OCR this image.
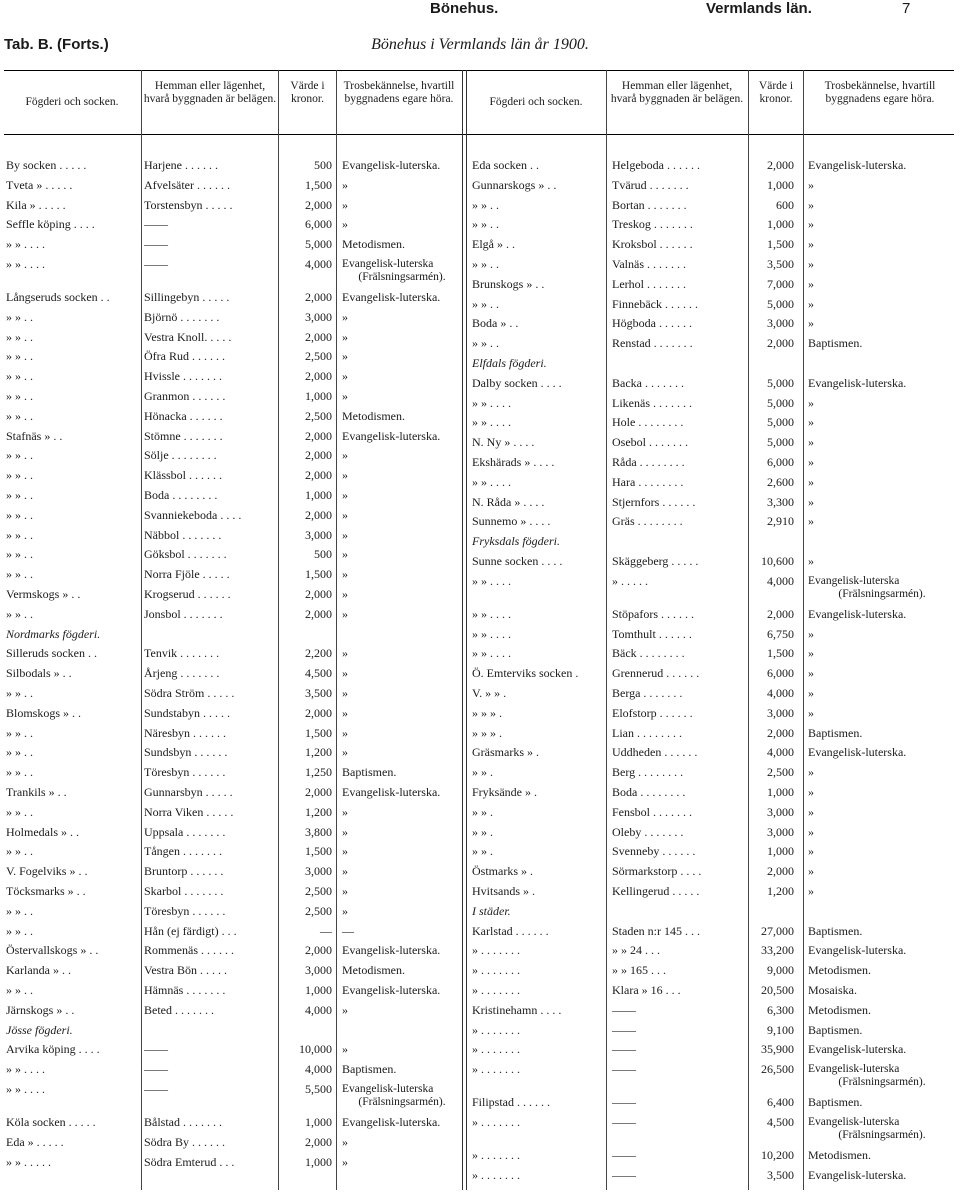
Bönehus.	Vermlands län.	7
Bönehus i Vermlands län år 1900.
Tab. B. (Forts.)
Fögderi och socken.
Hemman eller lägenhet, hvarå byggnaden är belägen.
Värde i kronor.
Trosbekännelse, hvartill byggnadens egare höra.	Fögderi och socken.
Hemman eller lägenhet, hvarå byggnaden är belägen.
Värde i kronor.
Trosbekännelse, hvartill byggnadens egare höra.
By socken . . . . .	Harjene . . . . . .	500 Evangelisk-luterska.
Tveta » . . . . .	Afvelsäter . . . . . .	1,500 »
Kila » . . . . .	Torstensbyn . . . . .	2,000 »
Seffle köping . . . .	——	6,000 »
» » . . . .	——	5,000 Metodismen.
» » . . . .	——	4,000 Evangelisk-luterska
(Frälsningsarmén).
Långseruds socken . .	Sillingebyn . . . . .	2,000 Evangelisk-luterska.
» » . .	Björnö . . . . . . .	3,000 »
» » . .	Vestra Knoll. . . . .	2,000 »
» » . .	Öfra Rud . . . . . .	2,500 »
» » . .	Hvissle . . . . . . .	2,000 »
» » . .	Granmon . . . . . .	1,000 »
» » . .	Hönacka . . . . . .	2,500 Metodismen.
Stafnäs » . .	Stömne . . . . . . .	2,000 Evangelisk-luterska.
» » . .	Sölje . . . . . . . .	2,000 »
» » . .	Klässbol . . . . . .	2,000 »
» » . .	Boda . . . . . . . .	1,000 »
» » . .	Svanniekeboda . . . .	2,000 »
» » . .	Näbbol . . . . . . .	3,000 »
» » . .	Göksbol . . . . . . .	500 »
» » . .	Norra Fjöle . . . . .	1,500 »
Vermskogs » . .	Krogserud . . . . . .	2,000 »
» » . .	Jonsbol . . . . . . .	2,000 »
Nordmarks fögderi.
Silleruds socken . .	Tenvik . . . . . . .	2,200 »
Silbodals » . .	Årjeng . . . . . . .	4,500 »
» » . .	Södra Ström . . . . .	3,500 »
Blomskogs » . .	Sundstabyn . . . . .	2,000 »
» » . .	Näresbyn . . . . . .	1,500 »
» » . .	Sundsbyn . . . . . .	1,200 »
» » . .	Töresbyn . . . . . .	1,250 Baptismen.
Trankils » . .	Gunnarsbyn . . . . .	2,000 Evangelisk-luterska.
» » . .	Norra Viken . . . . .	1,200 »
Holmedals » . .	Uppsala . . . . . . .	3,800 »
» » . .	Tången . . . . . . .	1,500 »
V. Fogelviks » . .	Bruntorp . . . . . .	3,000 »
Töcksmarks » . .	Skarbol . . . . . . .	2,500 »
» » . .	Töresbyn . . . . . .	2,500 »
» » . .	Hån (ej färdigt) . . .	— —
Östervallskogs » . .	Rommenäs . . . . . .	2,000 Evangelisk-luterska.
Karlanda » . .	Vestra Bön . . . . .	3,000 Metodismen.
» » . .	Hämnäs . . . . . . .	1,000 Evangelisk-luterska.
Järnskogs » . .	Beted . . . . . . .	4,000 »
Jösse fögderi.
Arvika köping . . . .	——	10,000 »
» » . . . .	——	4,000 Baptismen.
» » . . . .	——	5,500 Evangelisk-luterska
(Frälsningsarmén).
Köla socken . . . . .	Bålstad . . . . . . .	1,000 Evangelisk-luterska.
Eda » . . . . .	Södra By . . . . . .	2,000 »
» » . . . . .	Södra Emterud . . .	1,000 »
Eda socken . .	Helgeboda . . . . . .	2,000 Evangelisk-luterska.
Gunnarskogs » . .	Tvärud . . . . . . .	1,000 »
» » . .	Bortan . . . . . . .	600 »
» » . .	Treskog . . . . . . .	1,000 »
Elgå » . .	Kroksbol . . . . . .	1,500 »
» » . .	Valnäs . . . . . . .	3,500 »
Brunskogs » . .	Lerhol . . . . . . .	7,000 »
» » . .	Finnebäck . . . . . .	5,000 »
Boda » . .	Högboda . . . . . .	3,000 »
» » . .	Renstad . . . . . . .	2,000 Baptismen.
Elfdals fögderi.
Dalby socken . . . .	Backa . . . . . . .	5,000 Evangelisk-luterska.
» » . . . .	Likenäs . . . . . . .	5,000 »
» » . . . .	Hole . . . . . . . .	5,000 »
N. Ny » . . . .	Osebol . . . . . . .	5,000 »
Ekshärads » . . . .	Råda . . . . . . . .	6,000 »
» » . . . .	Hara . . . . . . . .	2,600 »
N. Råda » . . . .	Stjernfors . . . . . .	3,300 »
Sunnemo » . . . .	Gräs . . . . . . . .	2,910 »
Fryksdals fögderi.
Sunne socken . . . .	Skäggeberg . . . . .	10,600 »
» » . . . .	» . . . . .	4,000 Evangelisk-luterska
(Frälsningsarmén).
» » . . . .	Stöpafors . . . . . .	2,000 Evangelisk-luterska.
» » . . . .	Tomthult . . . . . .	6,750 »
» » . . . .	Bäck . . . . . . . .	1,500 »
Ö. Emterviks socken .	Grennerud . . . . . .	6,000 »
V. » » .	Berga . . . . . . .	4,000 »
» » » .	Elofstorp . . . . . .	3,000 »
» » » .	Lian . . . . . . . .	2,000 Baptismen.
Gräsmarks » .	Uddheden . . . . . .	4,000 Evangelisk-luterska.
» » .	Berg . . . . . . . .	2,500 »
Fryksände » .	Boda . . . . . . . .	1,000 »
» » .	Fensbol . . . . . . .	3,000 »
» » .	Oleby . . . . . . .	3,000 »
» » .	Svenneby . . . . . .	1,000 »
Östmarks » .	Sörmarkstorp . . . .	2,000 »
Hvitsands » .	Kellingerud . . . . .	1,200 »
I städer.
Karlstad . . . . . .	Staden n:r 145 . . .	27,000 Baptismen.
» . . . . . . .	» » 24 . . .	33,200 Evangelisk-luterska.
» . . . . . . .	» » 165 . . .	9,000 Metodismen.
» . . . . . . .	Klara » 16 . . .	20,500 Mosaiska.
Kristinehamn . . . .	——	6,300 Metodismen.
» . . . . . . .	——	9,100 Baptismen.
» . . . . . . .	——	35,900 Evangelisk-luterska.
» . . . . . . .	——	26,500 Evangelisk-luterska
(Frälsningsarmén).
Filipstad . . . . . .	——	6,400 Baptismen.
» . . . . . . .	——	4,500 Evangelisk-luterska
(Frälsningsarmén).
» . . . . . . .	——	10,200 Metodismen.
» . . . . . . .	——	3,500 Evangelisk-luterska.
